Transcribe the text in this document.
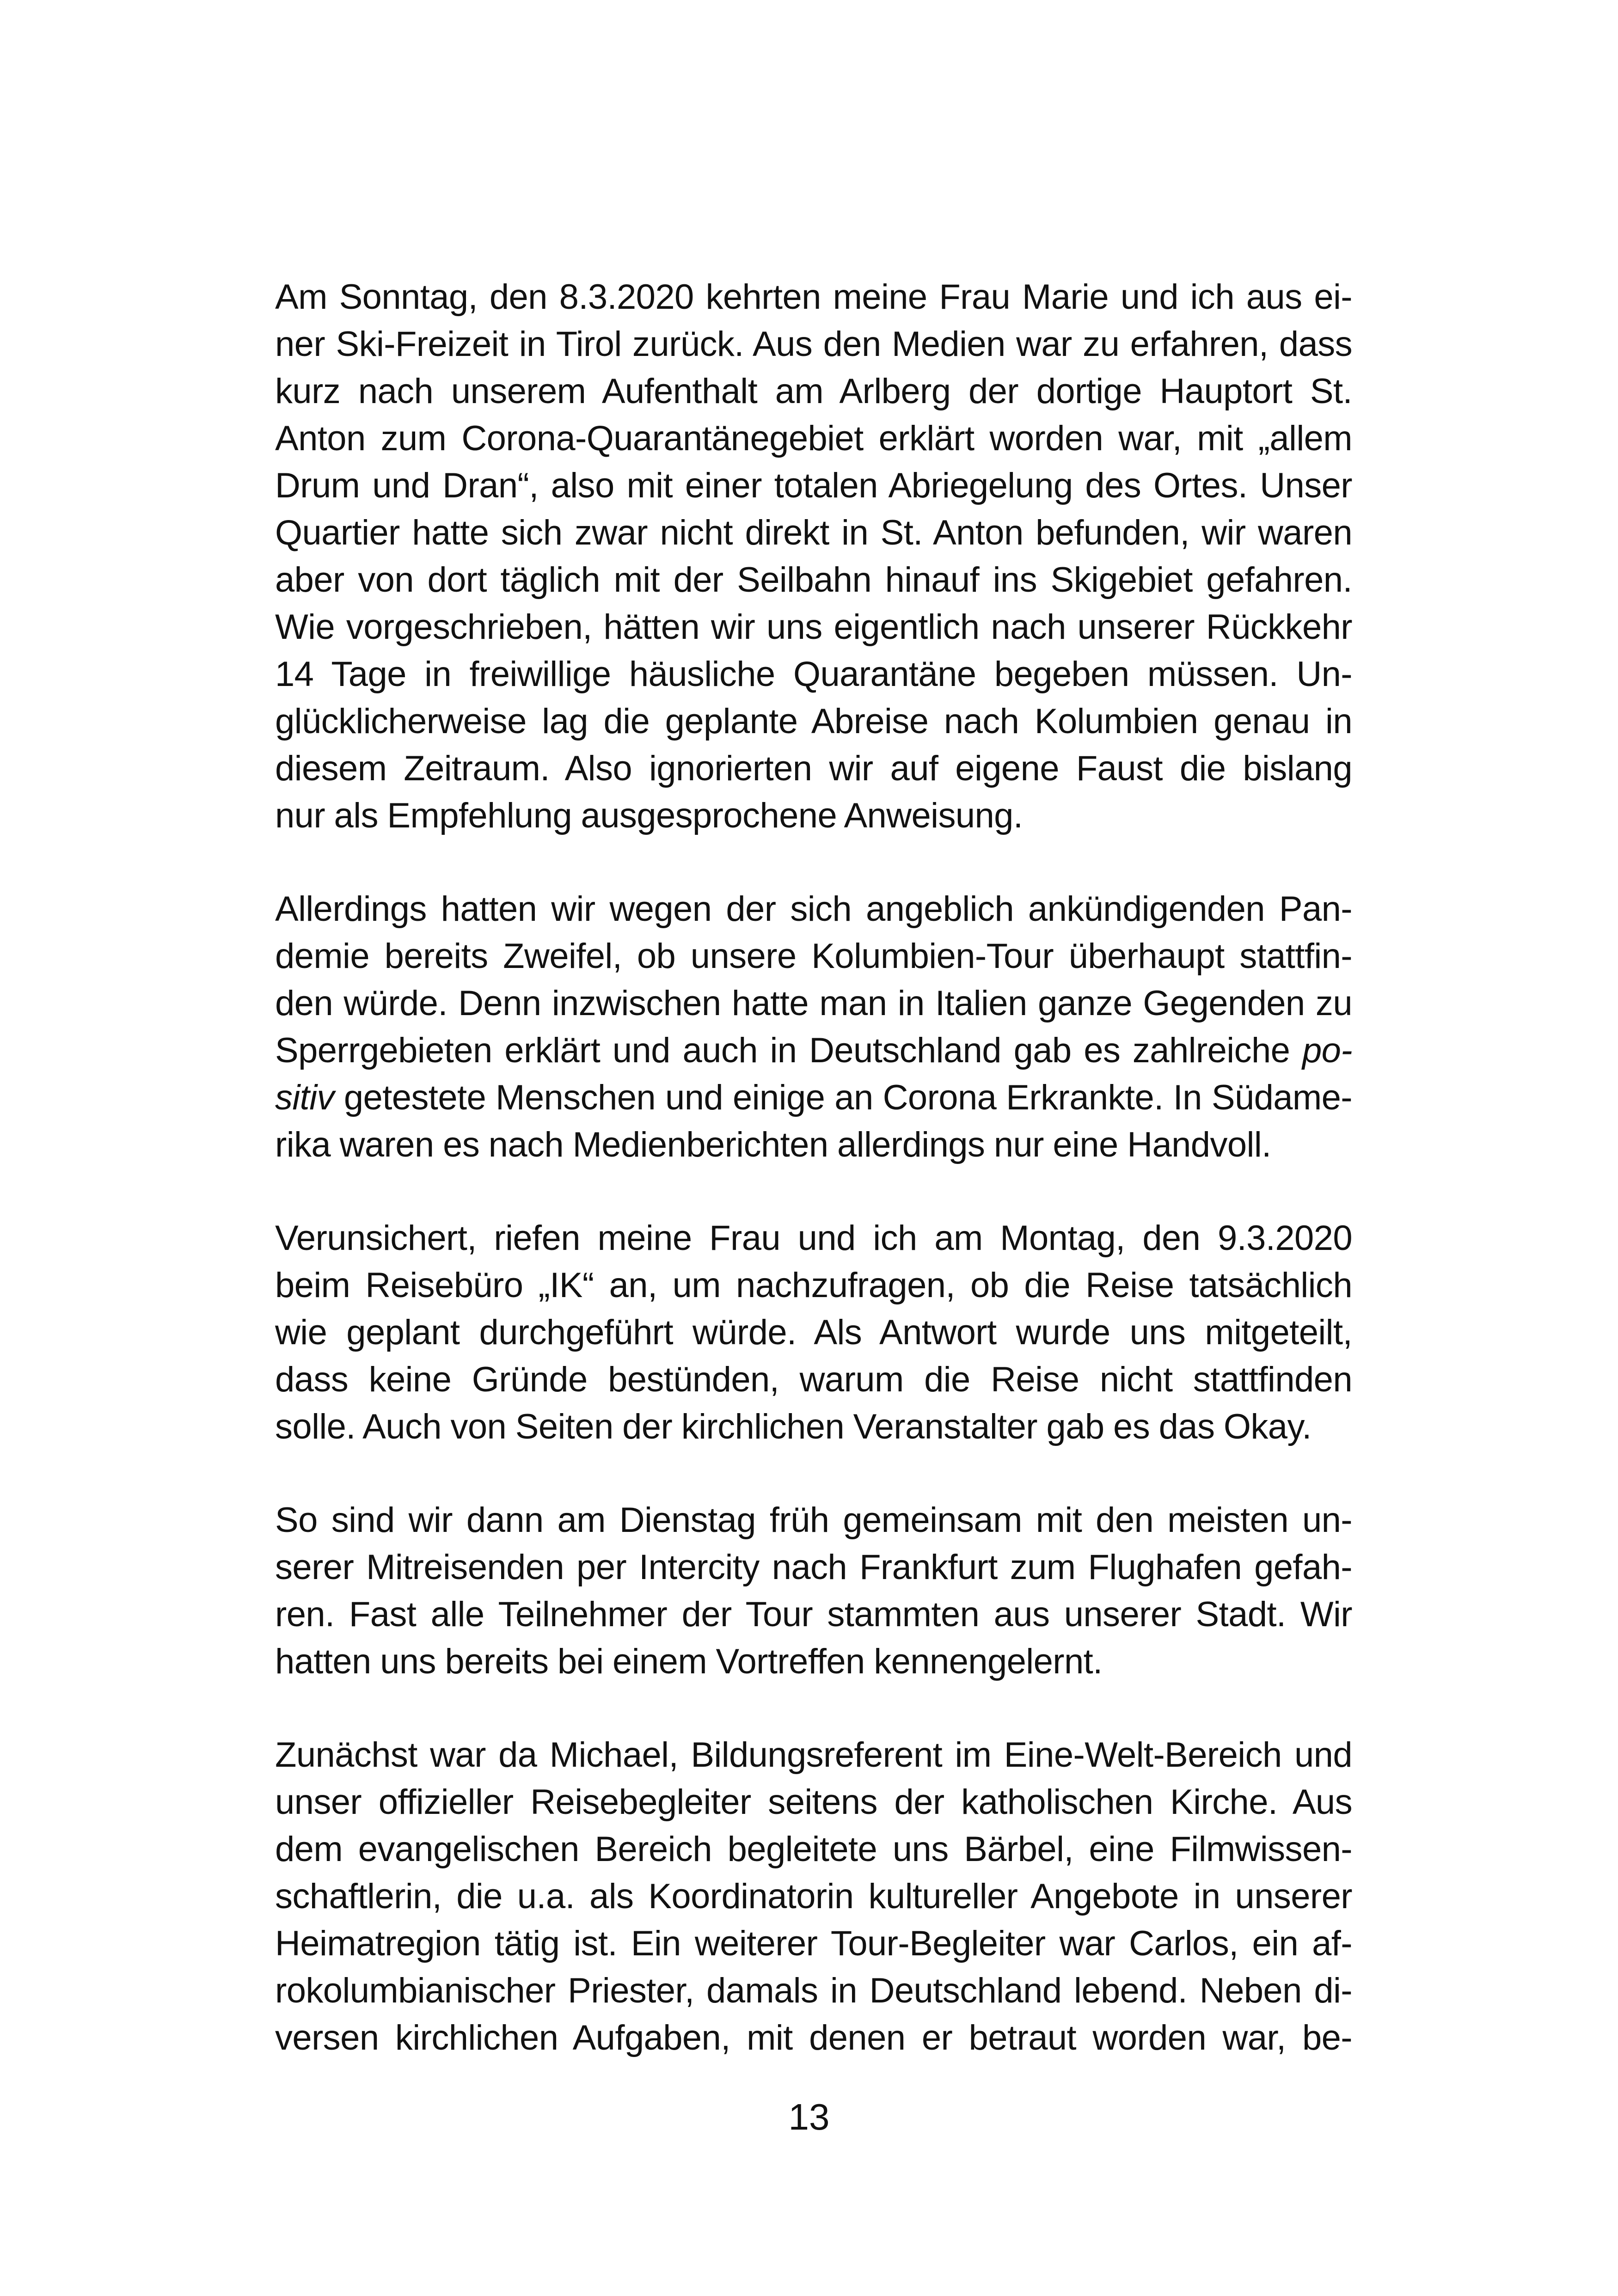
Am Sonntag, den 8.3.2020 kehrten meine Frau Marie und ich aus ei-
ner Ski-Freizeit in Tirol zurück. Aus den Medien war zu erfahren, dass
kurz nach unserem Aufenthalt am Arlberg der dortige Hauptort St.
Anton zum Corona-Quarantänegebiet erklärt worden war, mit „allem
Drum und Dran“, also mit einer totalen Abriegelung des Ortes. Unser
Quartier hatte sich zwar nicht direkt in St. Anton befunden, wir waren
aber von dort täglich mit der Seilbahn hinauf ins Skigebiet gefahren.
Wie vorgeschrieben, hätten wir uns eigentlich nach unserer Rückkehr
14 Tage in freiwillige häusliche Quarantäne begeben müssen. Un-
glücklicherweise lag die geplante Abreise nach Kolumbien genau in
diesem Zeitraum. Also ignorierten wir auf eigene Faust die bislang
nur als Empfehlung ausgesprochene Anweisung.

Allerdings hatten wir wegen der sich angeblich ankündigenden Pan-
demie bereits Zweifel, ob unsere Kolumbien-Tour überhaupt stattfin-
den würde. Denn inzwischen hatte man in Italien ganze Gegenden zu
Sperrgebieten erklärt und auch in Deutschland gab es zahlreiche po-
sitiv getestete Menschen und einige an Corona Erkrankte. In Südame-
rika waren es nach Medienberichten allerdings nur eine Handvoll.

Verunsichert, riefen meine Frau und ich am Montag, den 9.3.2020
beim Reisebüro „IK“ an, um nachzufragen, ob die Reise tatsächlich
wie geplant durchgeführt würde. Als Antwort wurde uns mitgeteilt,
dass keine Gründe bestünden, warum die Reise nicht stattfinden
solle. Auch von Seiten der kirchlichen Veranstalter gab es das Okay.

So sind wir dann am Dienstag früh gemeinsam mit den meisten un-
serer Mitreisenden per Intercity nach Frankfurt zum Flughafen gefah-
ren. Fast alle Teilnehmer der Tour stammten aus unserer Stadt. Wir
hatten uns bereits bei einem Vortreffen kennengelernt.

Zunächst war da Michael, Bildungsreferent im Eine-Welt-Bereich und
unser offizieller Reisebegleiter seitens der katholischen Kirche. Aus
dem evangelischen Bereich begleitete uns Bärbel, eine Filmwissen-
schaftlerin, die u.a. als Koordinatorin kultureller Angebote in unserer
Heimatregion tätig ist. Ein weiterer Tour-Begleiter war Carlos, ein af-
rokolumbianischer Priester, damals in Deutschland lebend. Neben di-
versen kirchlichen Aufgaben, mit denen er betraut worden war, be-

13
